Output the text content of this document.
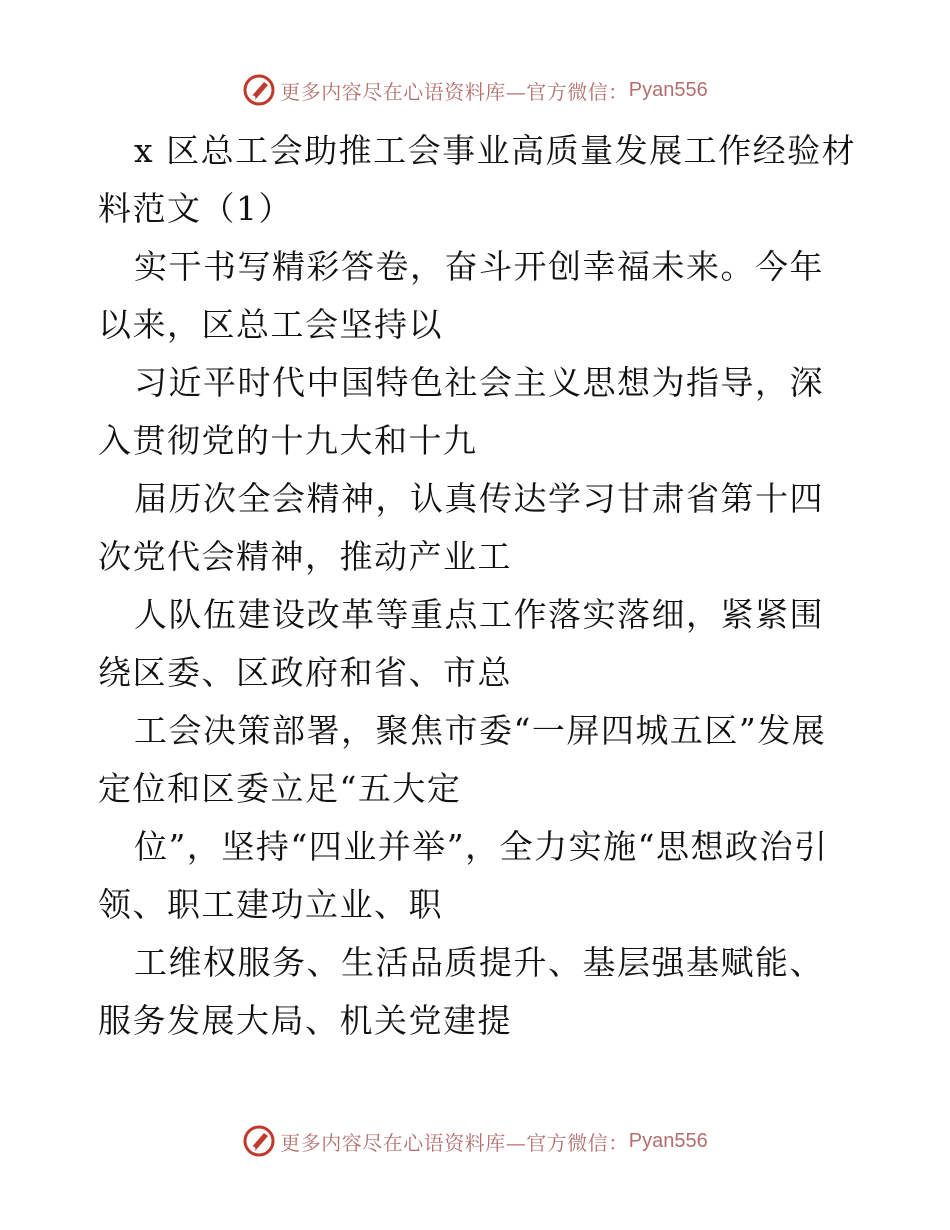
更多内容尽在心语资料库—官方微信： Pyan556

x 区总工会助推工会事业高质量发展工作经验材料范文（1）

实干书写精彩答卷，奋斗开创幸福未来。今年以来，区总工会坚持以

习近平时代中国特色社会主义思想为指导，深入贯彻党的十九大和十九

届历次全会精神，认真传达学习甘肃省第十四次党代会精神，推动产业工

人队伍建设改革等重点工作落实落细，紧紧围绕区委、区政府和省、市总

工会决策部署，聚焦市委“一屏四城五区”发展定位和区委立足“五大定

位”，坚持“四业并举”，全力实施“思想政治引领、职工建功立业、职

工维权服务、生活品质提升、基层强基赋能、服务发展大局、机关党建提

更多内容尽在心语资料库—官方微信： Pyan556
